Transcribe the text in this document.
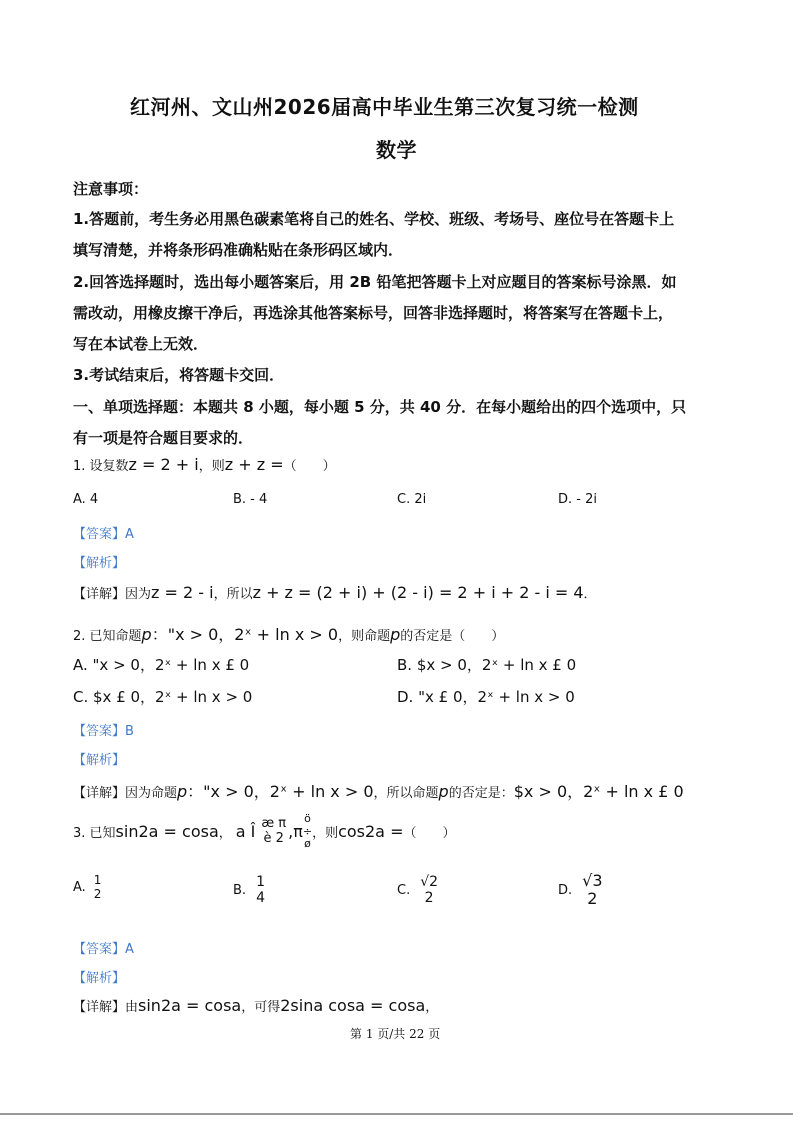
红河州、文山州2026届高中毕业生第三次复习统一检测
数学
注意事项：
1.答题前，考生务必用黑色碳素笔将自己的姓名、学校、班级、考场号、座位号在答题卡上
填写清楚，并将条形码准确粘贴在条形码区域内．
2.回答选择题时，选出每小题答案后，用 2B 铅笔把答题卡上对应题目的答案标号涂黑．如
需改动，用橡皮擦干净后，再选涂其他答案标号，回答非选择题时，将答案写在答题卡上，
写在本试卷上无效．
3.考试结束后，将答题卡交回．
一、单项选择题：本题共 8 小题，每小题 5 分，共 40 分．在每小题给出的四个选项中，只
有一项是符合题目要求的．
1. 设复数z = 2 + i，则z + z =（　　）
A. 4	B. - 4	C. 2i	D. - 2i
【答案】A
【解析】
【详解】因为z = 2 - i，所以z + z = (2 + i) + (2 - i) = 2 + i + 2 - i = 4．
2. 已知命题p："x > 0，2ˣ + ln x > 0，则命题p的否定是（　　）
A. "x > 0，2ˣ + ln x £ 0	B. $x > 0，2ˣ + ln x £ 0
C. $x £ 0，2ˣ + ln x > 0	D. "x £ 0，2ˣ + ln x > 0
【答案】B
【解析】
【详解】因为命题p："x > 0，2ˣ + ln x > 0，所以命题p的否定是：$x > 0，2ˣ + ln x £ 0
3. 已知 sin2a = cosa ， a Î æ π
è 2 ,π
ö
÷
ø
，则 cos2a = （　　）
A.
1
2	B.
1
4	C.
√2
2	D.
√3
2
【答案】A
【解析】
【详解】由sin2a = cosa，可得2sina cosa = cosa，
第 1 页/共 22 页
